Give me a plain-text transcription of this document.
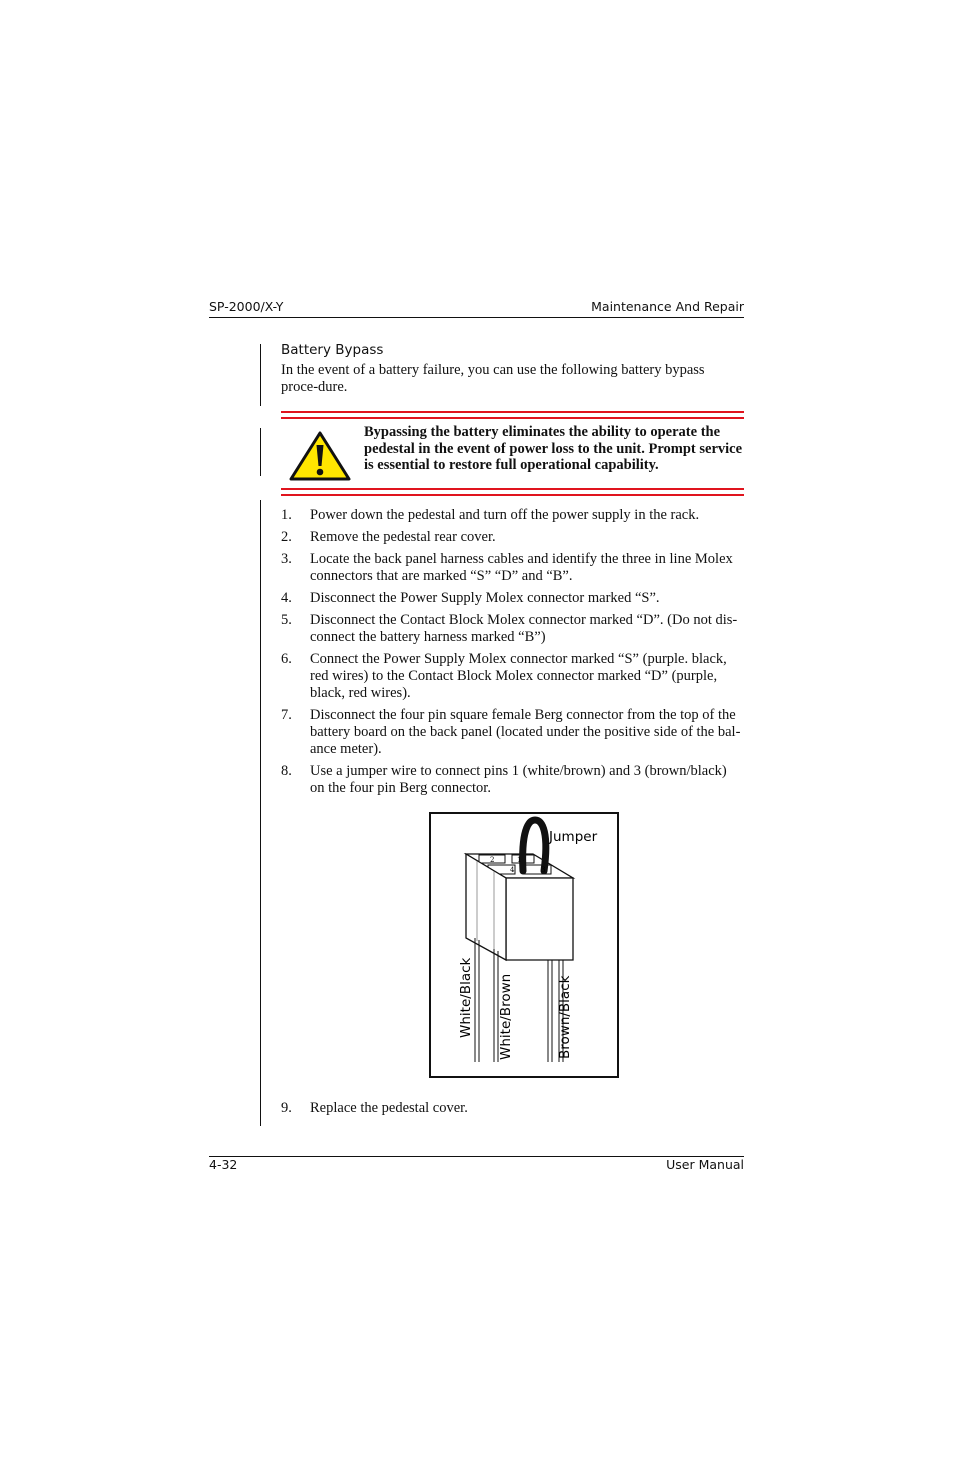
SP-2000/X-Y	Maintenance And Repair
Battery Bypass
In the event of a battery failure, you can use the following battery bypass proce-dure.
Bypassing the battery eliminates the ability to operate the pedestal in the event of power loss to the unit. Prompt service is essential to restore full operational capability.
1. Power down the pedestal and turn off the power supply in the rack.
2. Remove the pedestal rear cover.
3. Locate the back panel harness cables and identify the three in line Molex connectors that are marked “S” “D” and “B”.
4. Disconnect the Power Supply Molex connector marked “S”.
5. Disconnect the Contact Block Molex connector marked “D”. (Do not dis-connect the battery harness marked “B”)
6. Connect the Power Supply Molex connector marked “S” (purple. black, red wires) to the Contact Block Molex connector marked “D” (purple, black, red wires).
7. Disconnect the four pin square female Berg connector from the top of the battery board on the back panel (located under the positive side of the bal-ance meter).
8. Use a jumper wire to connect pins 1 (white/brown) and 3 (brown/black) on the four pin Berg connector.
2	1
4	3
Jumper
White/Black White/Brown	Brown/Black
9.	Replace the pedestal cover.
4-32	User Manual
